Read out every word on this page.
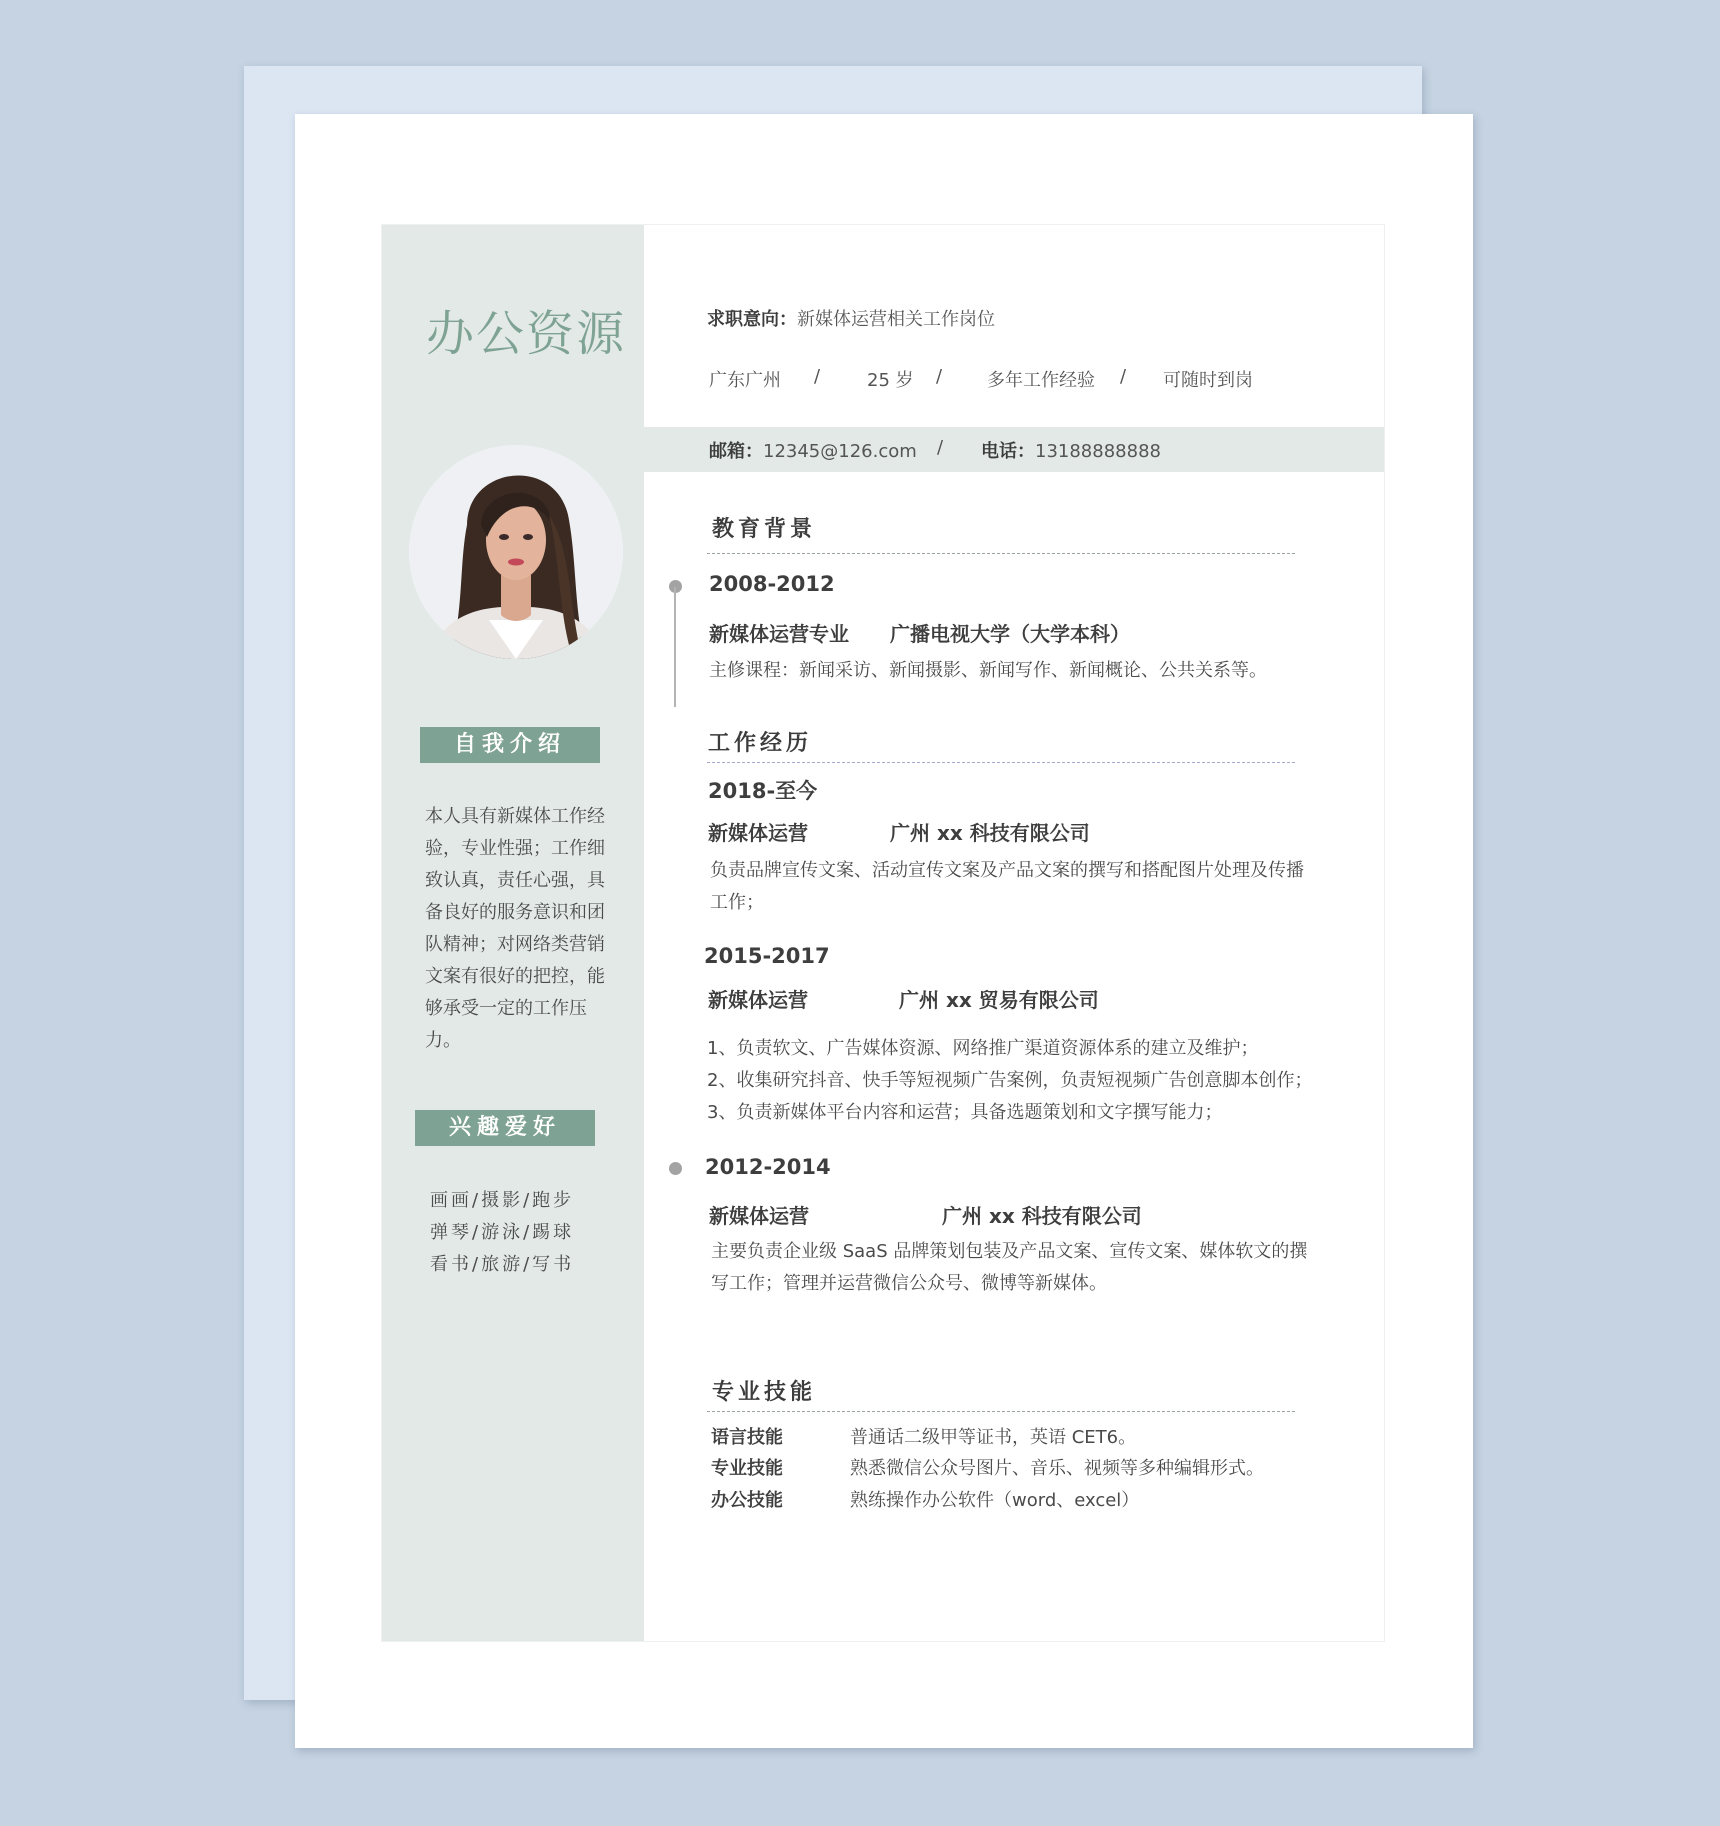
办公资源
自我介绍
本人具有新媒体工作经验，专业性强；工作细致认真，责任心强，具备良好的服务意识和团队精神；对网络类营销文案有很好的把控，能够承受一定的工作压力。
兴趣爱好
画画/摄影/跑步
弹琴/游泳/踢球
看书/旅游/写书
求职意向：新媒体运营相关工作岗位
广东广州 /	25 岁 / 多年工作经验 / 可随时到岗
邮箱：12345@126.com / 电话：13188888888
教育背景
2008-2012
新媒体运营专业 广播电视大学（大学本科）
主修课程：新闻采访、新闻摄影、新闻写作、新闻概论、公共关系等。
工作经历
2018-至今
新媒体运营	广州 xx 科技有限公司
负责品牌宣传文案、活动宣传文案及产品文案的撰写和搭配图片处理及传播工作；
2015-2017
新媒体运营	广州 xx 贸易有限公司
1、负责软文、广告媒体资源、网络推广渠道资源体系的建立及维护；
2、收集研究抖音、快手等短视频广告案例，负责短视频广告创意脚本创作；
3、负责新媒体平台内容和运营；具备选题策划和文字撰写能力；
2012-2014
新媒体运营	广州 xx 科技有限公司
主要负责企业级 SaaS 品牌策划包装及产品文案、宣传文案、媒体软文的撰写工作；管理并运营微信公众号、微博等新媒体。
专业技能
语言技能	普通话二级甲等证书，英语 CET6。
专业技能	熟悉微信公众号图片、音乐、视频等多种编辑形式。
办公技能	熟练操作办公软件（word、excel）
